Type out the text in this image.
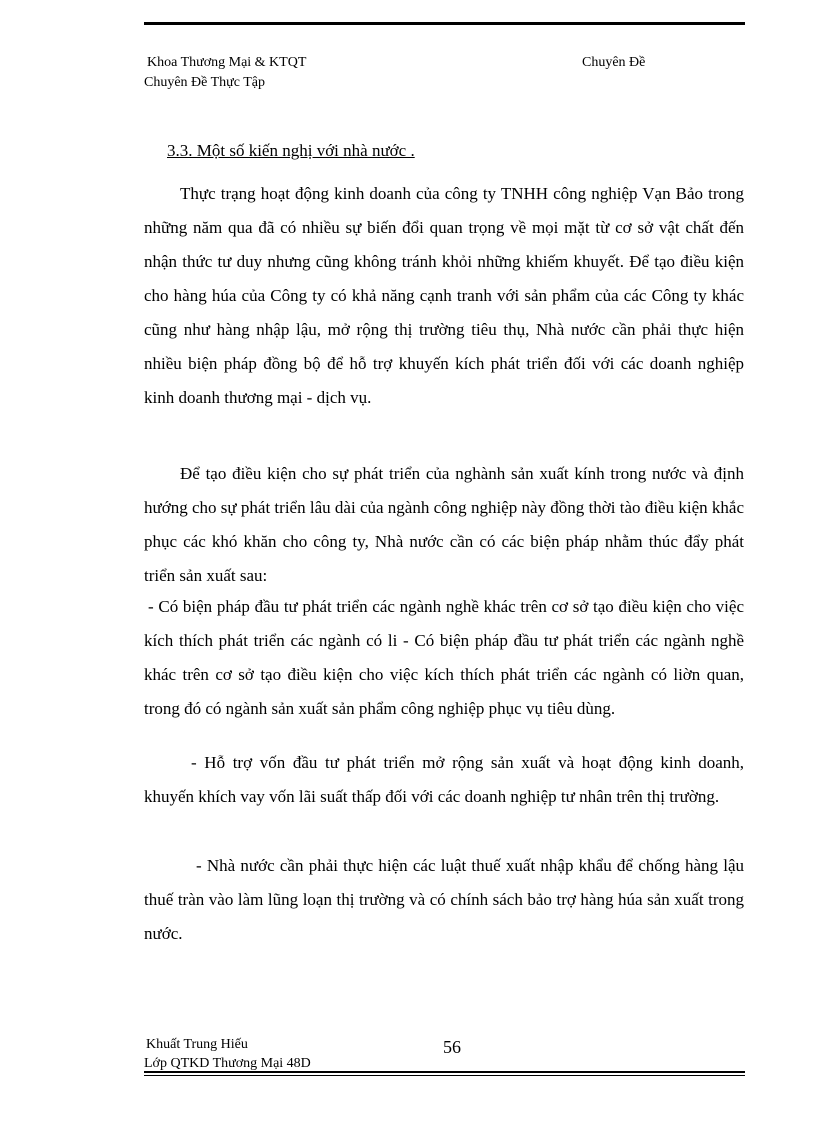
Khoa Thương Mại & KTQT
Chuyên Đề Thực Tập
Chuyên Đề
3.3. Một số kiến nghị với nhà nước .

Thực trạng hoạt động kinh doanh của công ty TNHH công nghiệp Vạn Bảo trong những năm qua đã có nhiều sự biến đổi quan trọng về mọi mặt từ cơ sở vật chất đến nhận thức tư duy nhưng cũng không tránh khỏi những khiếm khuyết. Để tạo điều kiện cho hàng húa của Công ty có khả năng cạnh tranh với sản phẩm của các Công ty khác cũng như hàng nhập lậu, mở rộng thị trường tiêu thụ, Nhà nước cần phải thực hiện nhiều biện pháp đồng bộ để hỗ trợ khuyến kích phát triển đối với các doanh nghiệp kinh doanh thương mại - dịch vụ.

Để tạo điều kiện cho sự phát triển của nghành sản xuất kính trong nước và định hướng cho sự phát triển lâu dài của ngành công nghiệp này đồng thời tào điều kiện khắc phục các khó khăn cho công ty, Nhà nước cần có các biện pháp nhằm thúc đẩy phát triển sản xuất sau:

- Có biện pháp đầu tư phát triển các ngành nghề khác trên cơ sở tạo điều kiện cho việc kích thích phát triển các ngành có li - Có biện pháp đầu tư phát triển các ngành nghề khác trên cơ sở tạo điều kiện cho việc kích thích phát triển các ngành có liờn quan, trong đó có ngành sản xuất sản phẩm công nghiệp phục vụ tiêu dùng.

- Hỗ trợ vốn đầu tư phát triển mở rộng sản xuất và hoạt động kinh doanh, khuyến khích vay vốn lãi suất thấp đối với các doanh nghiệp tư nhân trên thị trường.

- Nhà nước cần phải thực hiện các luật thuế xuất nhập khẩu để chống hàng lậu thuế tràn vào làm lũng loạn thị trường và có chính sách bảo trợ hàng húa sản xuất trong nước.

Khuất Trung Hiếu
Lớp QTKD Thương Mại 48D
56
